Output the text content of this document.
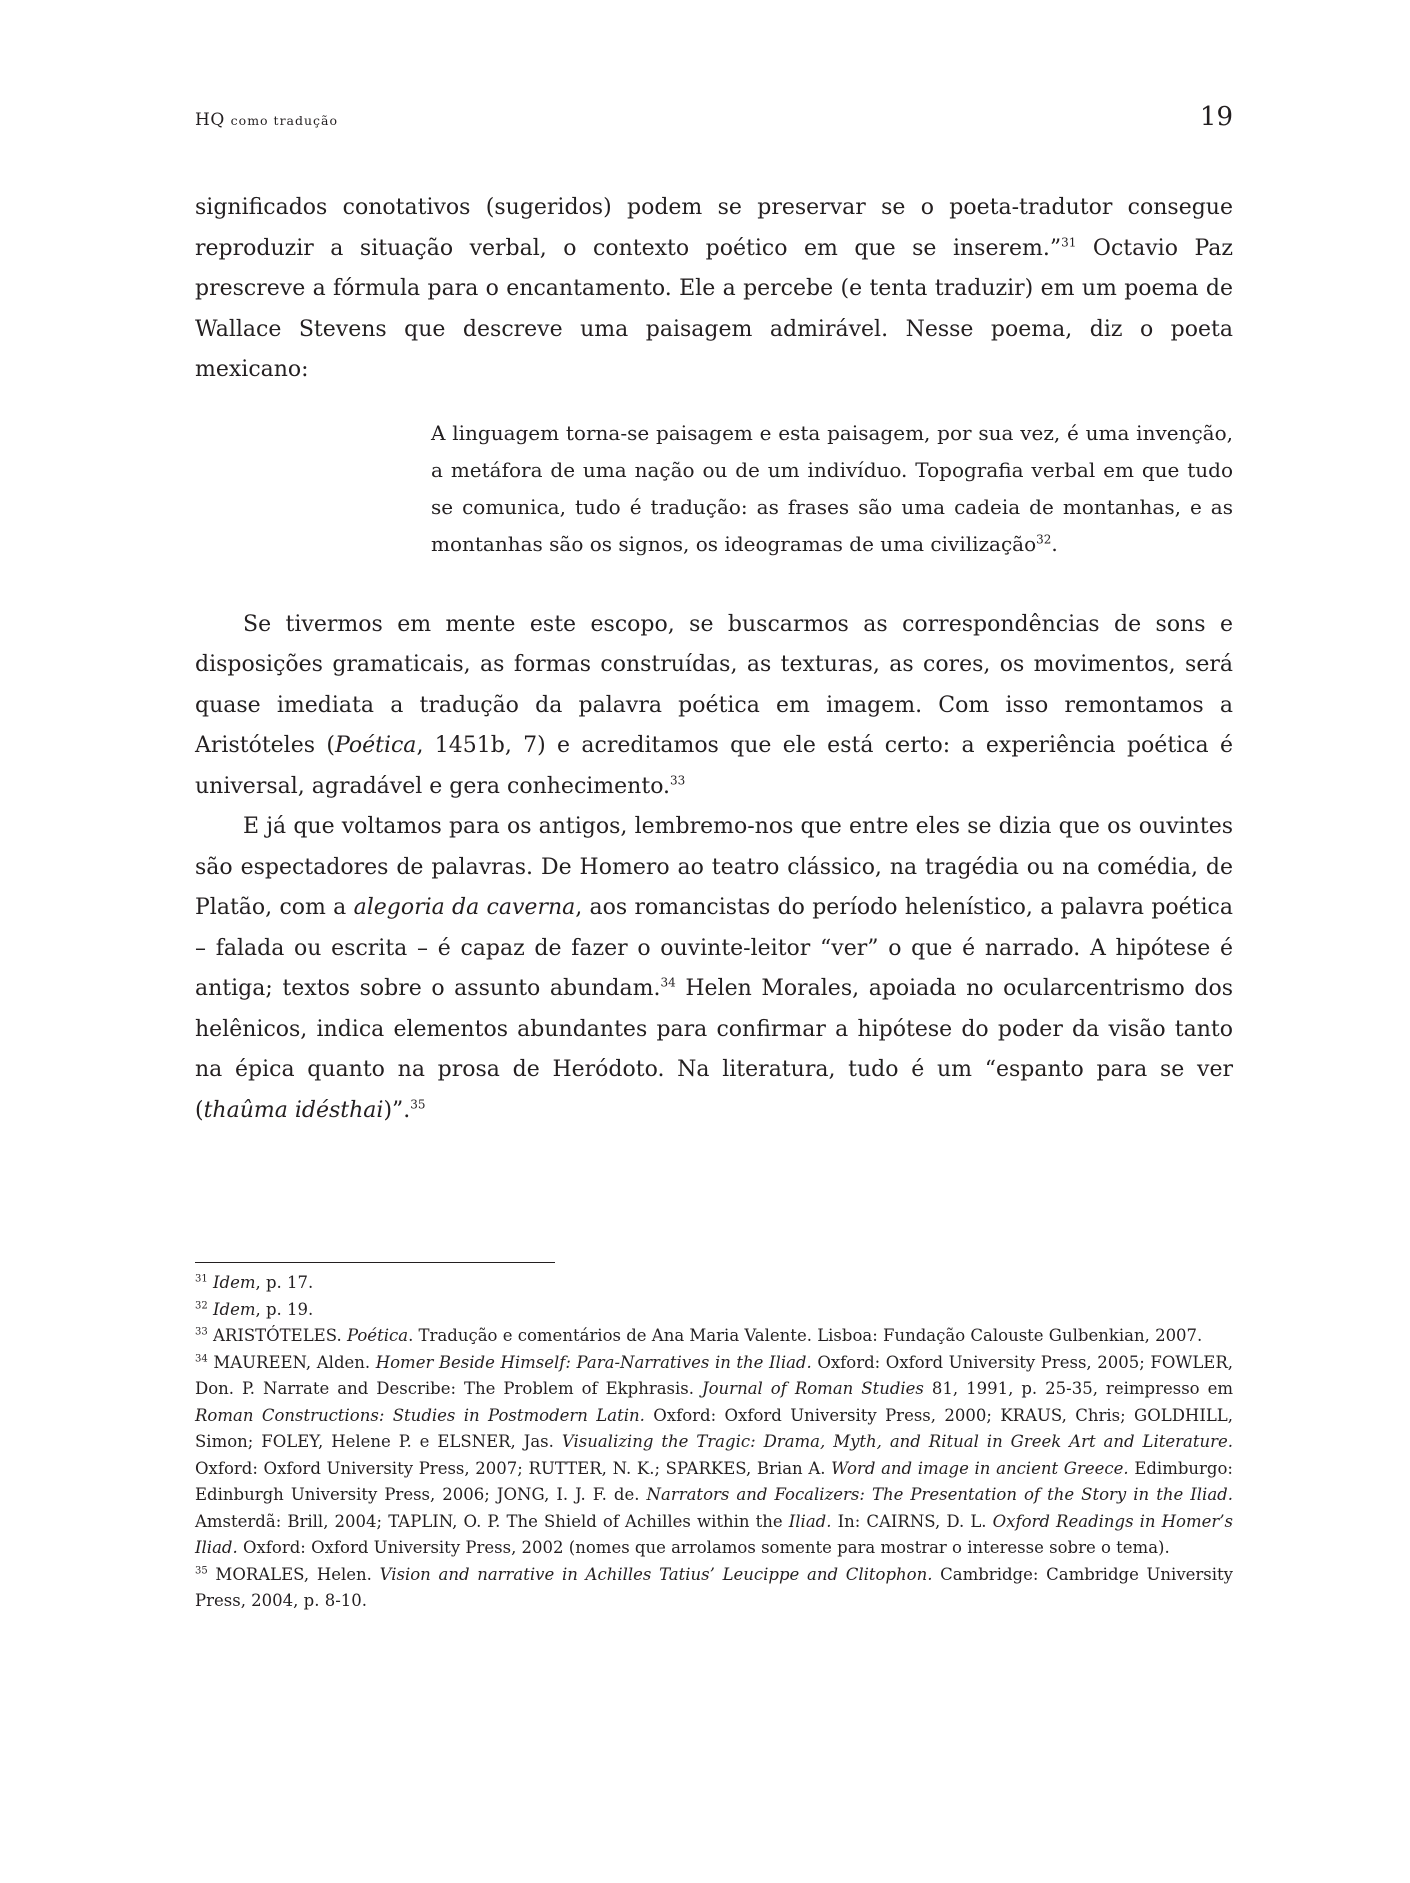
HQ como tradução	19

significados conotativos (sugeridos) podem se preservar se o poeta-tradutor consegue reproduzir a situação verbal, o contexto poético em que se inserem.”$^{31}$ Octavio Paz prescreve a fórmula para o encantamento. Ele a percebe (e tenta traduzir) em um poema de Wallace Stevens que descreve uma paisagem admirável. Nesse poema, diz o poeta mexicano:

A linguagem torna-se paisagem e esta paisagem, por sua vez, é uma invenção, a metáfora de uma nação ou de um indivíduo. Topografia verbal em que tudo se comunica, tudo é tradução: as frases são uma cadeia de montanhas, e as montanhas são os signos, os ideogramas de uma civilização$^{32}$.

Se tivermos em mente este escopo, se buscarmos as correspondências de sons e disposições gramaticais, as formas construídas, as texturas, as cores, os movimentos, será quase imediata a tradução da palavra poética em imagem. Com isso remontamos a Aristóteles (Poética, 1451b, 7) e acreditamos que ele está certo: a experiência poética é universal, agradável e gera conhecimento.$^{33}$

E já que voltamos para os antigos, lembremo-nos que entre eles se dizia que os ouvintes são espectadores de palavras. De Homero ao teatro clássico, na tragédia ou na comédia, de Platão, com a alegoria da caverna, aos romancistas do período helenístico, a palavra poética – falada ou escrita – é capaz de fazer o ouvinte-leitor “ver” o que é narrado. A hipótese é antiga; textos sobre o assunto abundam.$^{34}$ Helen Morales, apoiada no ocularcentrismo dos helênicos, indica elementos abundantes para confirmar a hipótese do poder da visão tanto na épica quanto na prosa de Heródoto. Na literatura, tudo é um “espanto para se ver (thaûma idésthai)”.$^{35}$

$^{31}$ Idem, p. 17.

$^{32}$ Idem, p. 19.

$^{33}$ ARISTÓTELES. Poética. Tradução e comentários de Ana Maria Valente. Lisboa: Fundação Calouste Gulbenkian, 2007.

$^{34}$ MAUREEN, Alden. Homer Beside Himself: Para-Narratives in the Iliad. Oxford: Oxford University Press, 2005; FOWLER, Don. P. Narrate and Describe: The Problem of Ekphrasis. Journal of Roman Studies 81, 1991, p. 25-35, reimpresso em Roman Constructions: Studies in Postmodern Latin. Oxford: Oxford University Press, 2000; KRAUS, Chris; GOLDHILL, Simon; FOLEY, Helene P. e ELSNER, Jas. Visualizing the Tragic: Drama, Myth, and Ritual in Greek Art and Literature. Oxford: Oxford University Press, 2007; RUTTER, N. K.; SPARKES, Brian A. Word and image in ancient Greece. Edimburgo: Edinburgh University Press, 2006; JONG, I. J. F. de. Narrators and Focalizers: The Presentation of the Story in the Iliad. Amsterdã: Brill, 2004; TAPLIN, O. P. The Shield of Achilles within the Iliad. In: CAIRNS, D. L. Oxford Readings in Homer’s Iliad. Oxford: Oxford University Press, 2002 (nomes que arrolamos somente para mostrar o interesse sobre o tema).

$^{35}$ MORALES, Helen. Vision and narrative in Achilles Tatius’ Leucippe and Clitophon. Cambridge: Cambridge University Press, 2004, p. 8-10.
